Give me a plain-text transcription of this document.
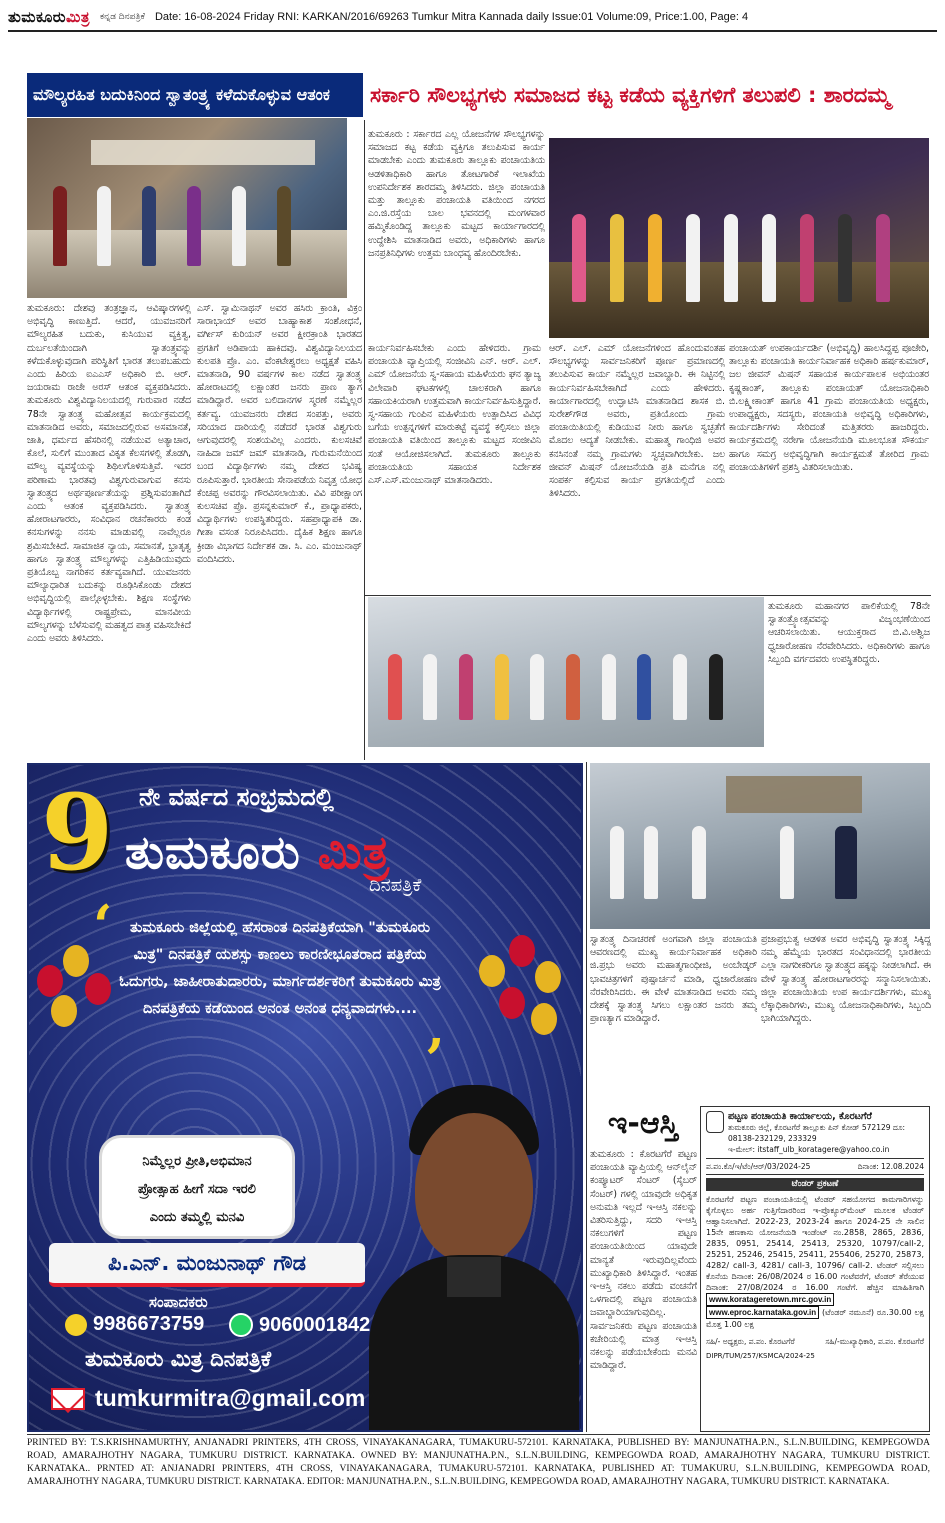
ತುಮಕೂರುಮಿತ್ರ ಕನ್ನಡ ದಿನಪತ್ರಿಕೆ Date: 16-08-2024 Friday RNI: KARKAN/2016/69263 Tumkur Mitra Kannada daily Issue:01 Volume:09, Price:1.00, Page: 4
ಮೌಲ್ಯರಹಿತ ಬದುಕಿನಿಂದ ಸ್ವಾತಂತ್ರ್ಯ ಕಳೆದುಕೊಳ್ಳುವ ಆತಂಕ	ಸರ್ಕಾರಿ ಸೌಲಭ್ಯಗಳು ಸಮಾಜದ ಕಟ್ಟ ಕಡೆಯ ವ್ಯಕ್ತಿಗಳಿಗೆ ತಲುಪಲಿ : ಶಾರದಮ್ಮ

ತುಮಕೂರು: ದೇಶವು ತಂತ್ರಜ್ಞಾನ, ಆವಿಷ್ಕಾರಗಳಲ್ಲಿ ಅಭಿವೃದ್ಧಿ ಕಾಣುತ್ತಿದೆ. ಆದರೆ, ಯುವಜನರಿಗೆ ಮೌಲ್ಯರಹಿತ ಬದುಕು, ಕುಸಿಯುವ ವ್ಯಕ್ತಿತ್ವ, ದುರ್ಬಲತೆಯಿಂದಾಗಿ ಸ್ವಾತಂತ್ರ್ಯವನ್ನು ಕಳೆದುಕೊಳ್ಳುವುದಾಗಿ ಪರಿಸ್ಥಿತಿಗೆ ಭಾರತ ತಲುಪಬಹುದು ಎಂದು ಹಿರಿಯ ಐಎಎಸ್ ಅಧಿಕಾರಿ ಬಿ. ಆರ್. ಜಯರಾಮ ರಾಜೇ ಅರಸ್ ಆತಂಕ ವ್ಯಕ್ತಪಡಿಸಿದರು. ತುಮಕೂರು ವಿಶ್ವವಿದ್ಯಾನಿಲಯದಲ್ಲಿ ಗುರುವಾರ ನಡೆದ 78ನೇ ಸ್ವಾತಂತ್ರ್ಯ ಮಹೋತ್ಸವ ಕಾರ್ಯಕ್ರಮದಲ್ಲಿ ಮಾತನಾಡಿದ ಅವರು, ಸಮಾಜದಲ್ಲಿರುವ ಅಸಮಾನತೆ, ಜಾತಿ, ಧರ್ಮದ ಹೆಸರಿನಲ್ಲಿ ನಡೆಯುವ ಅತ್ಯಾಚಾರ, ಕೊಲೆ, ಸುಲಿಗೆ ಮುಂತಾದ ವಿಕೃತ ಕೆಲಸಗಳಲ್ಲಿ ತೊಡಗಿ, ಮೌಲ್ಯ ವ್ಯವಸ್ಥೆಯನ್ನು ಶಿಥಿಲಗೊಳಿಸುತ್ತಿವೆ. ಇದರ ಪರಿಣಾಮ ಭಾರತವು ವಿಶ್ವಗುರುವಾಗುವ ಕನಸು ಸ್ವಾತಂತ್ರ್ಯದ ಅರ್ಥಪೂರ್ಣತೆಯನ್ನು ಪ್ರಶ್ನಿಸುವಂತಾಗಿದೆ ಎಂದು ಆತಂಕ ವ್ಯಕ್ತಪಡಿಸಿದರು. ಸ್ವಾತಂತ್ರ್ಯ ಹೋರಾಟಗಾರರು, ಸಂವಿಧಾನ ರಚನೆಕಾರರು ಕಂಡ ಕನಸುಗಳನ್ನು ನನಸು ಮಾಡುವಲ್ಲಿ ನಾವೆಲ್ಲರೂ ಶ್ರಮಿಸಬೇಕಿದೆ. ಸಾಮಾಜಿಕ ನ್ಯಾಯ, ಸಮಾನತೆ, ಭ್ರಾತೃತ್ವ ಹಾಗೂ ಸ್ವಾತಂತ್ರ್ಯ ಮೌಲ್ಯಗಳನ್ನು ಎತ್ತಿಹಿಡಿಯುವುದು ಪ್ರತಿಯೊಬ್ಬ ನಾಗರಿಕನ ಕರ್ತವ್ಯವಾಗಿದೆ. ಯುವಜನರು ಮೌಲ್ಯಾಧಾರಿತ ಬದುಕನ್ನು ರೂಢಿಸಿಕೊಂಡು ದೇಶದ ಅಭಿವೃದ್ಧಿಯಲ್ಲಿ ಪಾಲ್ಗೊಳ್ಳಬೇಕು. ಶಿಕ್ಷಣ ಸಂಸ್ಥೆಗಳು ವಿದ್ಯಾರ್ಥಿಗಳಲ್ಲಿ ರಾಷ್ಟ್ರಪ್ರೇಮ, ಮಾನವೀಯ ಮೌಲ್ಯಗಳನ್ನು ಬೆಳೆಸುವಲ್ಲಿ ಮಹತ್ವದ ಪಾತ್ರ ವಹಿಸಬೇಕಿದೆ ಎಂದು ಅವರು ತಿಳಿಸಿದರು.

ಎಸ್. ಸ್ವಾಮಿನಾಥನ್ ಅವರ ಹಸಿರು ಕ್ರಾಂತಿ, ವಿಕ್ರಂ ಸಾರಾಭಾಯ್ ಅವರ ಬಾಹ್ಯಾಕಾಶ ಸಂಶೋಧನೆ, ವರ್ಗೀಸ್ ಕುರಿಯನ್ ಅವರ ಕ್ಷೀರಕ್ರಾಂತಿ ಭಾರತದ ಪ್ರಗತಿಗೆ ಅಡಿಪಾಯ ಹಾಕಿದವು. ವಿಶ್ವವಿದ್ಯಾನಿಲಯದ ಕುಲಪತಿ ಪ್ರೊ. ಎಂ. ವೆಂಕಟೇಶ್ವರಲು ಅಧ್ಯಕ್ಷತೆ ವಹಿಸಿ ಮಾತನಾಡಿ, 90 ವರ್ಷಗಳ ಕಾಲ ನಡೆದ ಸ್ವಾತಂತ್ರ್ಯ ಹೋರಾಟದಲ್ಲಿ ಲಕ್ಷಾಂತರ ಜನರು ಪ್ರಾಣ ತ್ಯಾಗ ಮಾಡಿದ್ದಾರೆ. ಅವರ ಬಲಿದಾನಗಳ ಸ್ಮರಣೆ ನಮ್ಮೆಲ್ಲರ ಕರ್ತವ್ಯ. ಯುವಜನರು ದೇಶದ ಸಂಪತ್ತು, ಅವರು ಸರಿಯಾದ ದಾರಿಯಲ್ಲಿ ನಡೆದರೆ ಭಾರತ ವಿಶ್ವಗುರು ಆಗುವುದರಲ್ಲಿ ಸಂಶಯವಿಲ್ಲ ಎಂದರು. ಕುಲಸಚಿವೆ ನಾಹಿದಾ ಜಮ್ ಜಮ್ ಮಾತನಾಡಿ, ಗುರುಮನೆಯಿಂದ ಬಂದ ವಿದ್ಯಾರ್ಥಿಗಳು ನಮ್ಮ ದೇಶದ ಭವಿಷ್ಯ ರೂಪಿಸುತ್ತಾರೆ. ಭಾರತೀಯ ಸೇನಾಪಡೆಯ ನಿವೃತ್ತ ಯೋಧ ಕೆಂಚಪ್ಪ ಅವರನ್ನು ಗೌರವಿಸಲಾಯಿತು. ವಿವಿ ಪರೀಕ್ಷಾಂಗ ಕುಲಸಚಿವ ಪ್ರೊ. ಪ್ರಸನ್ನಕುಮಾರ್ ಕೆ., ಪ್ರಾಧ್ಯಾಪಕರು, ವಿದ್ಯಾರ್ಥಿಗಳು ಉಪಸ್ಥಿತರಿದ್ದರು. ಸಹಪ್ರಾಧ್ಯಾಪಕಿ ಡಾ. ಗೀತಾ ವಸಂತ ನಿರೂಪಿಸಿದರು. ದೈಹಿಕ ಶಿಕ್ಷಣ ಹಾಗೂ ಕ್ರೀಡಾ ವಿಭಾಗದ ನಿರ್ದೇಶಕ ಡಾ. ಸಿ. ಎಂ. ಮಂಜುನಾಥ್ ವಂದಿಸಿದರು.

ತುಮಕೂರು : ಸರ್ಕಾರದ ಎಲ್ಲ ಯೋಜನೆಗಳ ಸೌಲಭ್ಯಗಳನ್ನು ಸಮಾಜದ ಕಟ್ಟ ಕಡೆಯ ವ್ಯಕ್ತಿಗೂ ತಲುಪಿಸುವ ಕಾರ್ಯ ಮಾಡಬೇಕು ಎಂದು ತುಮಕೂರು ತಾಲ್ಲೂಕು ಪಂಚಾಯತಿಯ ಆಡಳಿತಾಧಿಕಾರಿ ಹಾಗೂ ತೋಟಗಾರಿಕೆ ಇಲಾಖೆಯ ಉಪನಿರ್ದೇಶಕ ಶಾರದಮ್ಮ ತಿಳಿಸಿದರು. ಜಿಲ್ಲಾ ಪಂಚಾಯತಿ ಮತ್ತು ತಾಲ್ಲೂಕು ಪಂಚಾಯತಿ ವತಿಯಿಂದ ನಗರದ ಎಂ.ಜಿ.ರಸ್ತೆಯ ಬಾಲ ಭವನದಲ್ಲಿ ಮಂಗಳವಾರ ಹಮ್ಮಿಕೊಂಡಿದ್ದ ತಾಲ್ಲೂಕು ಮಟ್ಟದ ಕಾರ್ಯಾಗಾರದಲ್ಲಿ ಉದ್ದೇಶಿಸಿ ಮಾತನಾಡಿದ ಅವರು, ಅಧಿಕಾರಿಗಳು ಹಾಗೂ ಜನಪ್ರತಿನಿಧಿಗಳು ಉತ್ತಮ ಬಾಂಧವ್ಯ ಹೊಂದಿರಬೇಕು.

ಕಾರ್ಯನಿರ್ವಹಿಸಬೇಕು ಎಂದು ಹೇಳಿದರು. ಗ್ರಾಮ ಪಂಚಾಯತಿ ವ್ಯಾಪ್ತಿಯಲ್ಲಿ ಸಂಜೀವಿನಿ ಎನ್. ಆರ್. ಎಲ್. ಎಮ್ ಯೋಜನೆಯ ಸ್ವ-ಸಹಾಯ ಮಹಿಳೆಯರು ಘನ ತ್ಯಾಜ್ಯ ವಿಲೇವಾರಿ ಘಟಕಗಳಲ್ಲಿ ಚಾಲಕರಾಗಿ ಹಾಗೂ ಸಹಾಯಕಿಯರಾಗಿ ಉತ್ತಮವಾಗಿ ಕಾರ್ಯನಿರ್ವಹಿಸುತ್ತಿದ್ದಾರೆ. ಸ್ವ-ಸಹಾಯ ಗುಂಪಿನ ಮಹಿಳೆಯರು ಉತ್ಪಾದಿಸಿದ ವಿವಿಧ ಬಗೆಯ ಉತ್ಪನ್ನಗಳಿಗೆ ಮಾರುಕಟ್ಟೆ ವ್ಯವಸ್ಥೆ ಕಲ್ಪಿಸಲು ಜಿಲ್ಲಾ ಪಂಚಾಯತಿ ವತಿಯಿಂದ ತಾಲ್ಲೂಕು ಮಟ್ಟದ ಸಂಜೀವಿನಿ ಸಂತೆ ಆಯೋಜಿಸಲಾಗಿದೆ. ತುಮಕೂರು ತಾಲ್ಲೂಕು ಪಂಚಾಯತಿಯ ಸಹಾಯಕ ನಿರ್ದೇಶಕ ಎಸ್.ಎಸ್.ಮಂಜುನಾಥ್ ಮಾತನಾಡಿದರು.

ಆರ್. ಎಲ್. ಎಮ್ ಯೋಜನೆಗಳಿಂದ ಹೊಂದುವಂತಹ ಸೌಲಭ್ಯಗಳನ್ನು ಸಾರ್ವಜನಿಕರಿಗೆ ಪೂರ್ಣ ಪ್ರಮಾಣದಲ್ಲಿ ತಲುಪಿಸುವ ಕಾರ್ಯ ನಮ್ಮೆಲ್ಲರ ಜವಾಬ್ದಾರಿ. ಈ ನಿಟ್ಟಿನಲ್ಲಿ ಕಾರ್ಯನಿರ್ವಹಿಸಬೇಕಾಗಿದೆ ಎಂದು ಹೇಳಿದರು. ಕಾರ್ಯಾಗಾರದಲ್ಲಿ ಉದ್ಘಾಟಿಸಿ ಮಾತನಾಡಿದ ಶಾಸಕ ಬಿ. ಸುರೇಶ್‌ಗೌಡ ಅವರು, ಪ್ರತಿಯೊಂದು ಗ್ರಾಮ ಪಂಚಾಯಿತಿಯಲ್ಲಿ ಕುಡಿಯುವ ನೀರು ಹಾಗೂ ಸ್ವಚ್ಛತೆಗೆ ಮೊದಲ ಆದ್ಯತೆ ನೀಡಬೇಕು. ಮಹಾತ್ಮ ಗಾಂಧಿಜಿ ಅವರ ಕನಸಿನಂತೆ ನಮ್ಮ ಗ್ರಾಮಗಳು ಸ್ವಚ್ಛವಾಗಿರಬೇಕು. ಜಲ ಜೀವನ್ ಮಿಷನ್ ಯೋಜನೆಯಡಿ ಪ್ರತಿ ಮನೆಗೂ ನಲ್ಲಿ ಸಂಪರ್ಕ ಕಲ್ಪಿಸುವ ಕಾರ್ಯ ಪ್ರಗತಿಯಲ್ಲಿದೆ ಎಂದು ತಿಳಿಸಿದರು.

ಪಂಚಾಯತ್ ಉಪಕಾರ್ಯದರ್ಶಿ (ಅಭಿವೃದ್ಧಿ) ಹಾಲಸಿದ್ದಪ್ಪ ಪೂಜೇರಿ, ತಾಲ್ಲೂಕು ಪಂಚಾಯತಿ ಕಾರ್ಯನಿರ್ವಾಹಕ ಅಧಿಕಾರಿ ಹರ್ಷಕುಮಾರ್, ಜಲ ಜೀವನ್ ಮಿಷನ್ ಸಹಾಯಕ ಕಾರ್ಯಪಾಲಕ ಅಭಿಯಂತರ ಕೃಷ್ಣಕಾಂತ್, ತಾಲ್ಲೂಕು ಪಂಚಾಯತ್ ಯೋಜನಾಧಿಕಾರಿ ಬಿ.ಲಕ್ಷ್ಮೀಕಾಂತ್ ಹಾಗೂ 41 ಗ್ರಾಮ ಪಂಚಾಯತಿಯ ಅಧ್ಯಕ್ಷರು, ಉಪಾಧ್ಯಕ್ಷರು, ಸದಸ್ಯರು, ಪಂಚಾಯತಿ ಅಭಿವೃದ್ಧಿ ಅಧಿಕಾರಿಗಳು, ಕಾರ್ಯದರ್ಶಿಗಳು ಸೇರಿದಂತೆ ಮತ್ತಿತರರು ಹಾಜರಿದ್ದರು. ಕಾರ್ಯಕ್ರಮದಲ್ಲಿ ನರೇಗಾ ಯೋಜನೆಯಡಿ ಮೂಲಭೂತ ಸೌಕರ್ಯ ಹಾಗೂ ಸಮಗ್ರ ಅಭಿವೃದ್ಧಿಗಾಗಿ ಕಾರ್ಯಕ್ಷಮತೆ ತೋರಿದ ಗ್ರಾಮ ಪಂಚಾಯತಿಗಳಿಗೆ ಪ್ರಶಸ್ತಿ ವಿತರಿಸಲಾಯಿತು.

ತುಮಕೂರು ಮಹಾನಗರ ಪಾಲಿಕೆಯಲ್ಲಿ 78ನೇ ಸ್ವಾತಂತ್ರ್ಯೋತ್ಸವವನ್ನು ವಿಜೃಂಭಣೆಯಿಂದ ಆಚರಿಸಲಾಯಿತು. ಆಯುಕ್ತರಾದ ಬಿ.ವಿ.ಅಶ್ವಿಜ ಧ್ವಜಾರೋಹಣ ನೆರವೇರಿಸಿದರು. ಅಧಿಕಾರಿಗಳು ಹಾಗೂ ಸಿಬ್ಬಂದಿ ವರ್ಗದವರು ಉಪಸ್ಥಿತರಿದ್ದರು.

ಸ್ವಾತಂತ್ರ್ಯ ದಿನಾಚರಣೆ ಅಂಗವಾಗಿ ಜಿಲ್ಲಾ ಪಂಚಾಯತಿ ಆವರಣದಲ್ಲಿ ಮುಖ್ಯ ಕಾರ್ಯನಿರ್ವಾಹಕ ಅಧಿಕಾರಿ ಜಿ.ಪ್ರಭು ಅವರು ಮಹಾತ್ಮಗಾಂಧೀಜಿ, ಅಂಬೇಡ್ಕರ್ ಭಾವಚಿತ್ರಗಳಿಗೆ ಪುಷ್ಪಾರ್ಚನೆ ಮಾಡಿ, ಧ್ವಜಾರೋಹಣ ನೆರವೇರಿಸಿದರು. ಈ ವೇಳೆ ಮಾತನಾಡಿದ ಅವರು ನಮ್ಮ ದೇಶಕ್ಕೆ ಸ್ವಾತಂತ್ರ್ಯ ಸಿಗಲು ಲಕ್ಷಾಂತರ ಜನರು ತಮ್ಮ ಪ್ರಾಣತ್ಯಾಗ ಮಾಡಿದ್ದಾರೆ.

ಪ್ರಜಾಪ್ರಭುತ್ವ ಆಡಳಿತ ಅವರ ಅಭಿವೃದ್ಧಿ ಸ್ವಾತಂತ್ರ್ಯ ಸಿಕ್ಕಿದ್ದ ನಮ್ಮ ಹೆಮ್ಮೆಯ ಭಾರತದ ಸಂವಿಧಾನದಲ್ಲಿ ಭಾರತೀಯ ಎಲ್ಲಾ ನಾಗರೀಕರಿಗೂ ಸ್ವಾತಂತ್ರ್ಯದ ಹಕ್ಕನ್ನು ನೀಡಲಾಗಿದೆ. ಈ ವೇಳೆ ಸ್ವಾತಂತ್ರ್ಯ ಹೋರಾಟಗಾರರನ್ನು ಸನ್ಮಾನಿಸಲಾಯಿತು. ಜಿಲ್ಲಾ ಪಂಚಾಯಿತಿಯ ಉಪ ಕಾರ್ಯದರ್ಶಿಗಳು, ಮುಖ್ಯ ಲೆಕ್ಕಾಧಿಕಾರಿಗಳು, ಮುಖ್ಯ ಯೋಜನಾಧಿಕಾರಿಗಳು, ಸಿಬ್ಬಂದಿ ಭಾಗಿಯಾಗಿದ್ದರು.

ತುಮಕೂರು : ಕೊರಟಗೆರೆ ಪಟ್ಟಣ ಪಂಚಾಯತಿ ವ್ಯಾಪ್ತಿಯಲ್ಲಿ ಆನ್‌ಲೈನ್ ಕಂಪ್ಯೂಟರ್ ಸೆಂಟರ್ (ಸೈಬರ್ ಸೆಂಟರ್) ಗಳಲ್ಲಿ ಯಾವುದೇ ಅಧಿಕೃತ ಅನುಮತಿ ಇಲ್ಲದೆ ಇ-ಆಸ್ತಿ ನಕಲನ್ನು ವಿತರಿಸುತ್ತಿದ್ದು, ಸದರಿ ಇ-ಆಸ್ತಿ ನಕಲುಗಳಿಗೆ ಪಟ್ಟಣ ಪಂಚಾಯತಿಯಿಂದ ಯಾವುದೇ ಮಾನ್ಯತೆ ಇರುವುದಿಲ್ಲವೆಂದು ಮುಖ್ಯಾಧಿಕಾರಿ ತಿಳಿಸಿದ್ದಾರೆ. ಇಂತಹ ಇ-ಆಸ್ತಿ ನಕಲು ಪಡೆದು ವಂಚನೆಗೆ ಒಳಗಾದಲ್ಲಿ ಪಟ್ಟಣ ಪಂಚಾಯತಿ ಜವಾಬ್ದಾರಿಯಾಗುವುದಿಲ್ಲ. ಸಾರ್ವಜನಿಕರು ಪಟ್ಟಣ ಪಂಚಾಯತಿ ಕಚೇರಿಯಲ್ಲಿ ಮಾತ್ರ ಇ-ಆಸ್ತಿ ನಕಲನ್ನು ಪಡೆಯಬೇಕೆಂದು ಮನವಿ ಮಾಡಿದ್ದಾರೆ.

9 ನೇ ವರ್ಷದ ಸಂಭ್ರಮದಲ್ಲಿ
ತುಮಕೂರು ಮಿತ್ರ
ದಿನಪತ್ರಿಕೆ
‘
’
ತುಮಕೂರು ಜಿಲ್ಲೆಯಲ್ಲಿ ಹೆಸರಾಂತ ದಿನಪತ್ರಿಕೆಯಾಗಿ "ತುಮಕೂರು ಮಿತ್ರ" ದಿನಪತ್ರಿಕೆ ಯಶಸ್ಸು ಕಾಣಲು ಕಾರಣೀಭೂತರಾದ ಪತ್ರಿಕೆಯ ಓದುಗರು, ಜಾಹೀರಾತುದಾರರು, ಮಾರ್ಗದರ್ಶಕರಿಗೆ ತುಮಕೂರು ಮಿತ್ರ ದಿನಪತ್ರಿಕೆಯ ಕಡೆಯಿಂದ ಅನಂತ ಅನಂತ ಧನ್ಯವಾದಗಳು....
ನಿಮ್ಮೆಲ್ಲರ ಪ್ರೀತಿ,ಅಭಿಮಾನ
ಪ್ರೋತ್ಸಾಹ ಹೀಗೆ ಸದಾ ಇರಲಿ
ಎಂದು ತಮ್ಮಲ್ಲಿ ಮನವಿ
ಪಿ.ಎನ್. ಮಂಜುನಾಥ್ ಗೌಡ
ಸಂಪಾದಕರು
9986673759	9060001842
ತುಮಕೂರು ಮಿತ್ರ ದಿನಪತ್ರಿಕೆ
tumkurmitra@gmail.com
ಇ-ಆಸ್ತಿ	ಪಟ್ಟಣ ಪಂಚಾಯತಿ ಕಾರ್ಯಾಲಯ, ಕೊರಟಗೆರೆ
ತುಮಕೂರು ಜಿಲ್ಲೆ, ಕೊರಟಗೆರೆ ತಾಲ್ಲೂಕು ಪಿನ್ ಕೋಡ್ 572129 ದೂ: 08138-232129, 233329
ಇ-ಮೇಲ್: itstaff_ulb_koratagere@yahoo.co.in
ಪ.ಪಂ.ಕೊ/ಇ/ಟೆಂ/ಆರ್/03/2024-25	ದಿನಾಂಕ: 12.08.2024
ಟೆಂಡರ್ ಪ್ರಕಟಣೆ
ಕೊರಟಗೆರೆ ಪಟ್ಟಣ ಪಂಚಾಯತಿಯಲ್ಲಿ ಟೆಂಡರ್ ಸಹಯೋಗದ ಕಾಮಗಾರಿಗಳನ್ನು ಕೈಗೊಳ್ಳಲು ಅರ್ಹ ಗುತ್ತಿಗೆದಾರರಿಂದ ಇ-ಪ್ರೊಕ್ಯೂರ್‌ಮೆಂಟ್ ಮೂಲಕ ಟೆಂಡರ್ ಆಹ್ವಾನಿಸಲಾಗಿದೆ. 2022-23, 2023-24 ಹಾಗೂ 2024-25 ನೇ ಸಾಲಿನ 15ನೇ ಹಣಕಾಸು ಯೋಜನೆಯಡಿ ಇಂಡೆಂಟ್ ನಂ.2858, 2865, 2836, 2835, 0951, 25414, 25413, 25320, 10797/call-2, 25251, 25246, 25415, 25411, 255406, 25270, 25873, 4282/ call-3, 4281/ call-3, 10796/ call-2. ಟೆಂಡರ್ ಸಲ್ಲಿಸಲು ಕೊನೆಯ ದಿನಾಂಕ: 26/08/2024 ರ 16.00 ಗಂಟೆವರೆಗೆ, ಟೆಂಡರ್ ತೆರೆಯುವ ದಿನಾಂಕ: 27/08/2024 ರ 16.00 ಗಂಟೆಗೆ. ಹೆಚ್ಚಿನ ಮಾಹಿತಿಗಾಗಿ www.koratageretown.mrc.gov.in www.eproc.karnataka.gov.in (ಟೆಂಡರ್ ನಮೂನೆ) ರೂ.30.00 ಲಕ್ಷ ಮೊತ್ತ 1.00 ಲಕ್ಷ
ಸಹಿ/- ಅಧ್ಯಕ್ಷರು, ಪ.ಪಂ. ಕೊರಟಗೆರೆ	ಸಹಿ/-ಮುಖ್ಯಾಧಿಕಾರಿ, ಪ.ಪಂ. ಕೊರಟಗೆರೆ
DIPR/TUM/257/KSMCA/2024-25
PRINTED BY: T.S.KRISHNAMURTHY, ANJANADRI PRINTERS, 4TH CROSS, VINAYAKANAGARA, TUMAKURU-572101. KARNATAKA, PUBLISHED BY: MANJUNATHA.P.N., S.L.N.BUILDING, KEMPEGOWDA ROAD, AMARAJHOTHY NAGARA, TUMKURU DISTRICT. KARNATAKA. OWNED BY: MANJUNATHA.P.N., S.L.N.BUILDING, KEMPEGOWDA ROAD, AMARAJHOTHY NAGARA, TUMKURU DISTRICT. KARNATAKA.. PRNTED AT: ANJANADRI PRINTERS, 4TH CROSS, VINAYAKANAGARA, TUMAKURU-572101. KARNATAKA, PUBLISHED AT: TUMAKURU, S.L.N.BUILDING, KEMPEGOWDA ROAD, AMARAJHOTHY NAGARA, TUMKURU DISTRICT. KARNATAKA. EDITOR: MANJUNATHA.P.N., S.L.N.BUILDING, KEMPEGOWDA ROAD, AMARAJHOTHY NAGARA, TUMKURU DISTRICT. KARNATAKA.
